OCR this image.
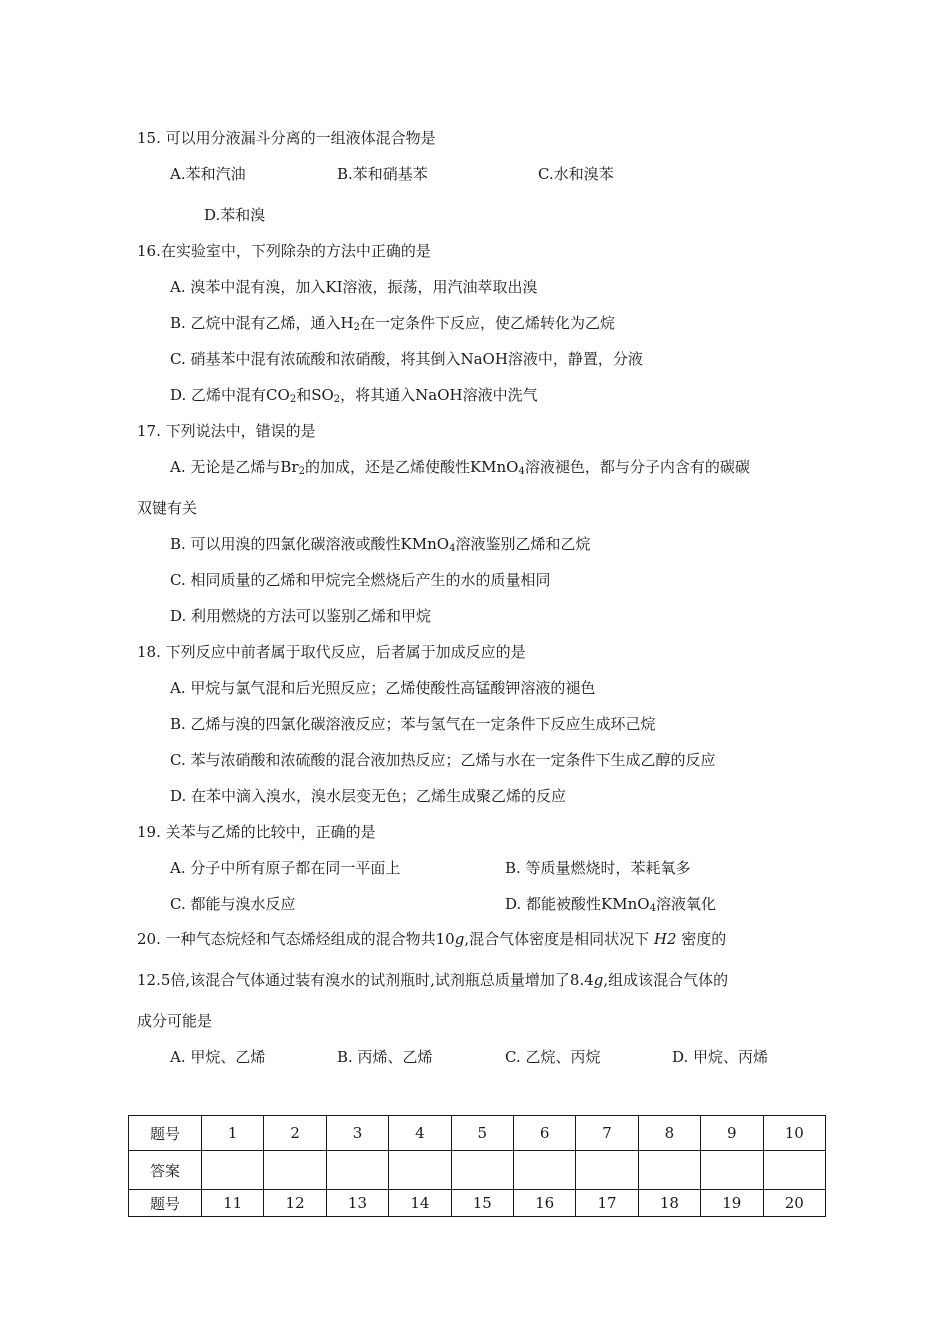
15. 可以用分液漏斗分离的一组液体混合物是
A.苯和汽油	B.苯和硝基苯	C.水和溴苯
D.苯和溴
16.在实验室中，下列除杂的方法中正确的是
A. 溴苯中混有溴，加入KI溶液，振荡，用汽油萃取出溴
B. 乙烷中混有乙烯，通入$H_2$在一定条件下反应，使乙烯转化为乙烷
C. 硝基苯中混有浓硫酸和浓硝酸，将其倒入NaOH溶液中，静置，分液
D. 乙烯中混有$CO_2$和$SO_2$，将其通入NaOH溶液中洗气
17. 下列说法中，错误的是
A. 无论是乙烯与$Br_2$的加成，还是乙烯使酸性KMnO$_4$溶液褪色，都与分子内含有的碳碳
双键有关
B. 可以用溴的四氯化碳溶液或酸性KMnO$_4$溶液鉴别乙烯和乙烷
C. 相同质量的乙烯和甲烷完全燃烧后产生的水的质量相同
D. 利用燃烧的方法可以鉴别乙烯和甲烷
18. 下列反应中前者属于取代反应，后者属于加成反应的是
A. 甲烷与氯气混和后光照反应；乙烯使酸性高锰酸钾溶液的褪色
B. 乙烯与溴的四氯化碳溶液反应；苯与氢气在一定条件下反应生成环己烷
C. 苯与浓硝酸和浓硫酸的混合液加热反应；乙烯与水在一定条件下生成乙醇的反应
D. 在苯中滴入溴水，溴水层变无色；乙烯生成聚乙烯的反应
19. 关苯与乙烯的比较中，正确的是
A. 分子中所有原子都在同一平面上	B. 等质量燃烧时，苯耗氧多
C. 都能与溴水反应	D. 都能被酸性KMnO$_4$溶液氧化
20. 一种气态烷烃和气态烯烃组成的混合物共10g,混合气体密度是相同状况下 H2 密度的
12.5倍,该混合气体通过装有溴水的试剂瓶时,试剂瓶总质量增加了8.4g,组成该混合气体的
成分可能是
A. 甲烷、乙烯	B. 丙烯、乙烯	C. 乙烷、丙烷	D. 甲烷、丙烯
题号	1	2	3	4	5	6	7	8	9	10
答案										
题号	11	12	13	14	15	16	17	18	19	20
